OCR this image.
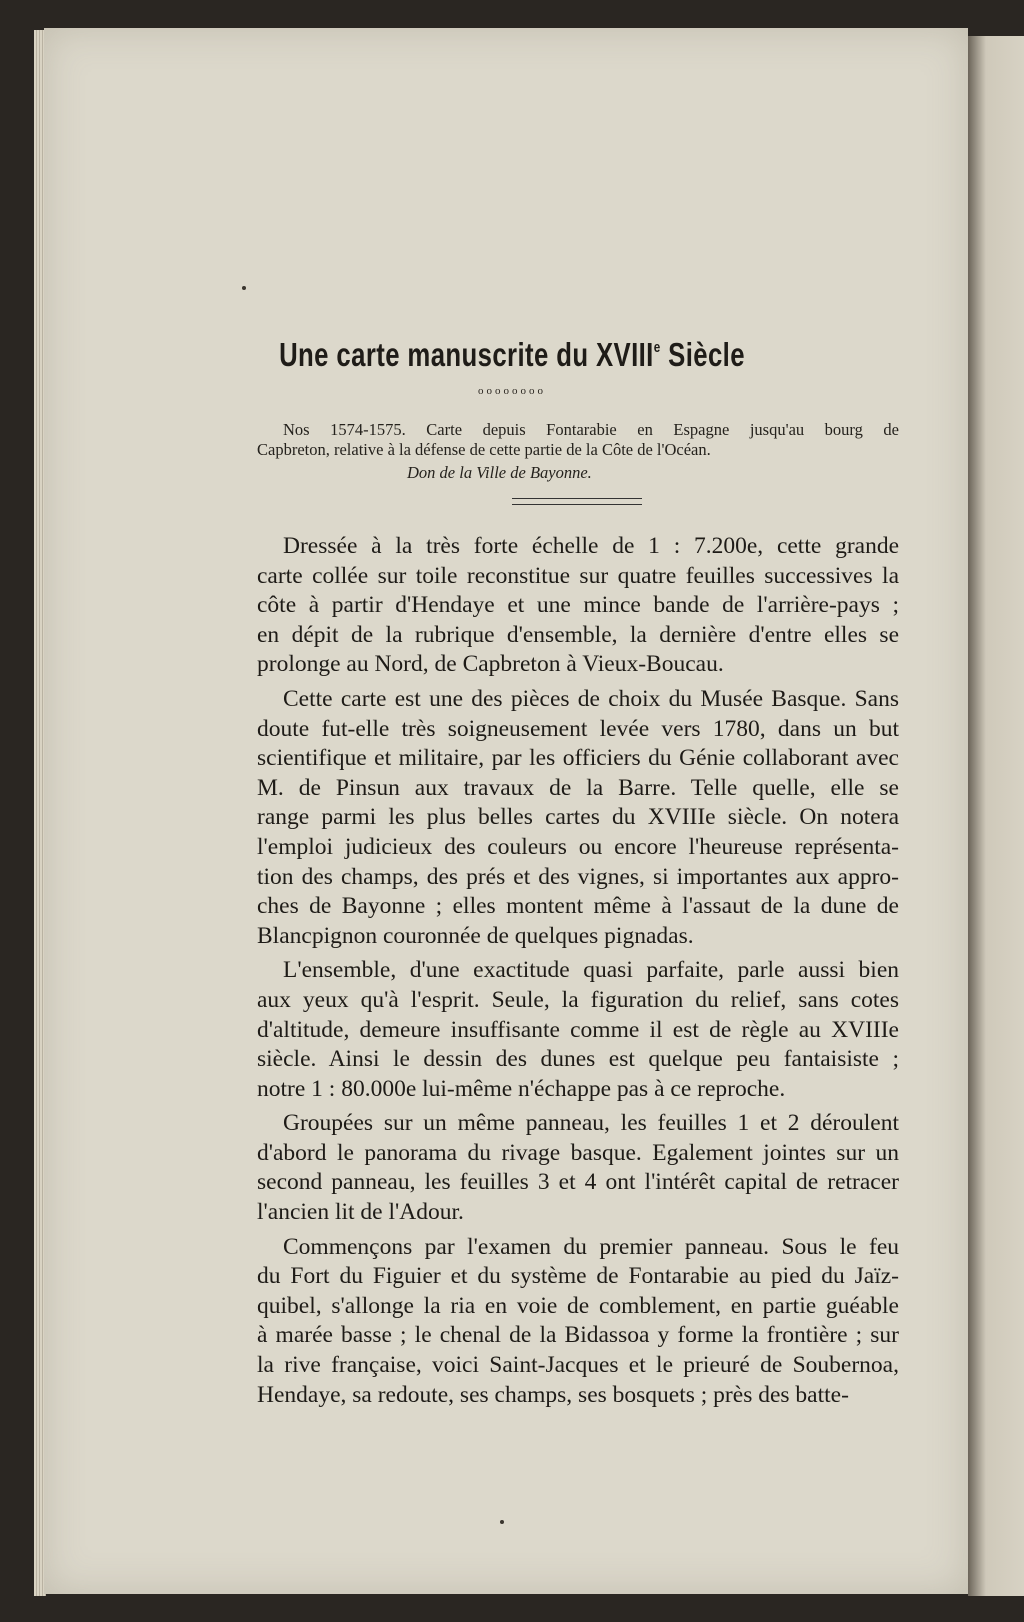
Une carte manuscrite du XVIIIe Siècle
oooooooo
Nos 1574-1575. Carte depuis Fontarabie en Espagne jusqu'au bourg de
Capbreton, relative à la défense de cette partie de la Côte de l'Océan.
Don de la Ville de Bayonne.
Dressée à la très forte échelle de 1 : 7.200e, cette grande
carte collée sur toile reconstitue sur quatre feuilles successives la
côte à partir d'Hendaye et une mince bande de l'arrière-pays ;
en dépit de la rubrique d'ensemble, la dernière d'entre elles se
prolonge au Nord, de Capbreton à Vieux-Boucau.
Cette carte est une des pièces de choix du Musée Basque. Sans
doute fut-elle très soigneusement levée vers 1780, dans un but
scientifique et militaire, par les officiers du Génie collaborant avec
M. de Pinsun aux travaux de la Barre. Telle quelle, elle se
range parmi les plus belles cartes du XVIIIe siècle. On notera
l'emploi judicieux des couleurs ou encore l'heureuse représenta-
tion des champs, des prés et des vignes, si importantes aux appro-
ches de Bayonne ; elles montent même à l'assaut de la dune de
Blancpignon couronnée de quelques pignadas.
L'ensemble, d'une exactitude quasi parfaite, parle aussi bien
aux yeux qu'à l'esprit. Seule, la figuration du relief, sans cotes
d'altitude, demeure insuffisante comme il est de règle au XVIIIe
siècle. Ainsi le dessin des dunes est quelque peu fantaisiste ;
notre 1 : 80.000e lui-même n'échappe pas à ce reproche.
Groupées sur un même panneau, les feuilles 1 et 2 déroulent
d'abord le panorama du rivage basque. Egalement jointes sur un
second panneau, les feuilles 3 et 4 ont l'intérêt capital de retracer
l'ancien lit de l'Adour.
Commençons par l'examen du premier panneau. Sous le feu
du Fort du Figuier et du système de Fontarabie au pied du Jaïz-
quibel, s'allonge la ria en voie de comblement, en partie guéable
à marée basse ; le chenal de la Bidassoa y forme la frontière ; sur
la rive française, voici Saint-Jacques et le prieuré de Soubernoa,
Hendaye, sa redoute, ses champs, ses bosquets ; près des batte-
